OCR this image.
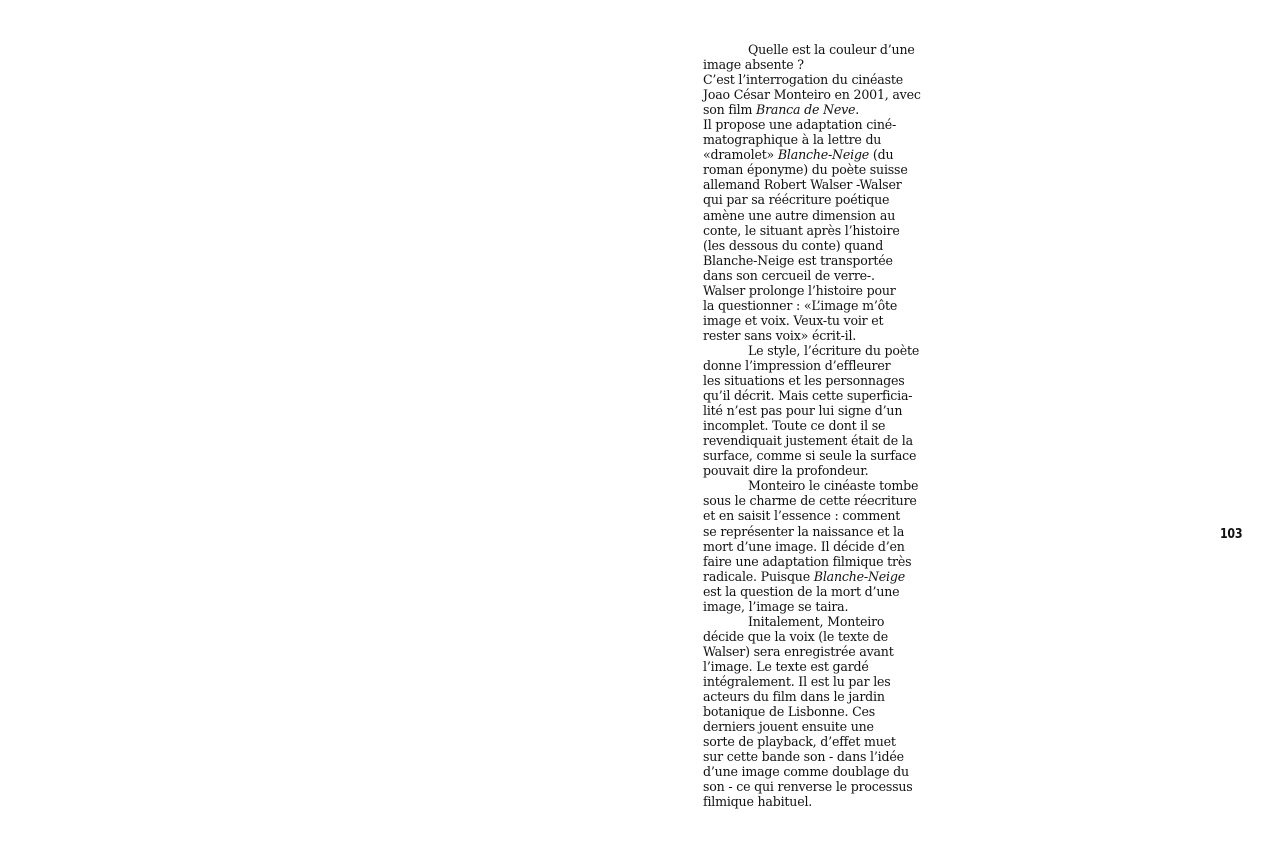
Quelle est la couleur d’une
image absente ?
C’est l’interrogation du cinéaste
Joao César Monteiro en 2001, avec
son film Branca de Neve.
Il propose une adaptation ciné-
matographique à la lettre du
«dramolet» Blanche-Neige (du
roman éponyme) du poète suisse
allemand Robert Walser -Walser
qui par sa réécriture poétique
amène une autre dimension au
conte, le situant après l’histoire
(les dessous du conte) quand
Blanche-Neige est transportée
dans son cercueil de verre-.
Walser prolonge l’histoire pour
la questionner : «L’image m’ôte
image et voix. Veux-tu voir et
rester sans voix» écrit-il.
Le style, l’écriture du poète
donne l’impression d’effleurer
les situations et les personnages
qu’il décrit. Mais cette superficia-
lité n’est pas pour lui signe d’un
incomplet. Toute ce dont il se
revendiquait justement était de la
surface, comme si seule la surface
pouvait dire la profondeur.
Monteiro le cinéaste tombe
sous le charme de cette réecriture
et en saisit l’essence : comment
se représenter la naissance et la
mort d’une image. Il décide d’en
faire une adaptation filmique très
radicale. Puisque Blanche-Neige
est la question de la mort d’une
image, l’image se taira.
Initalement, Monteiro
décide que la voix (le texte de
Walser) sera enregistrée avant
l’image. Le texte est gardé
intégralement. Il est lu par les
acteurs du film dans le jardin
botanique de Lisbonne. Ces
derniers jouent ensuite une
sorte de playback, d’effet muet
sur cette bande son - dans l’idée
d’une image comme doublage du
son - ce qui renverse le processus
filmique habituel.
103
